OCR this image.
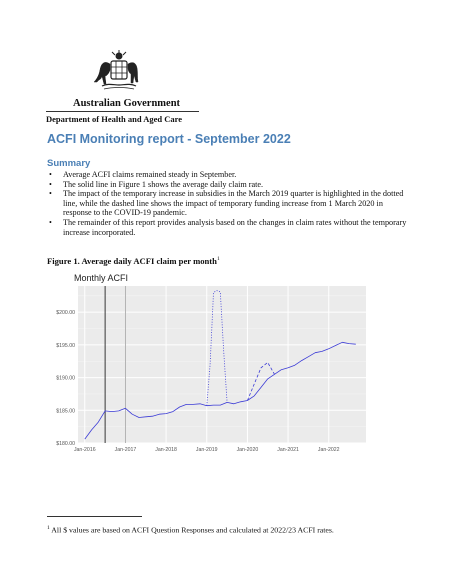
Australian Government
Department of Health and Aged Care
ACFI Monitoring report - September 2022
Summary
• Average ACFI claims remained steady in September.
• The solid line in Figure 1 shows the average daily claim rate.
• The impact of the temporary increase in subsidies in the March 2019 quarter is highlighted in the dotted line, while the dashed line shows the impact of temporary funding increase from 1 March 2020 in response to the COVID-19 pandemic.
• The remainder of this report provides analysis based on the changes in claim rates without the temporary increase incorporated.
Figure 1. Average daily ACFI claim per month$^1$
Monthly ACFI
$180.00
$185.00
$190.00
$195.00
$200.00
Jan-2016	Jan-2017	Jan-2018	Jan-2019	Jan-2020	Jan-2021	Jan-2022
$^1$ All $ values are based on ACFI Question Responses and calculated at 2022/23 ACFI rates.
